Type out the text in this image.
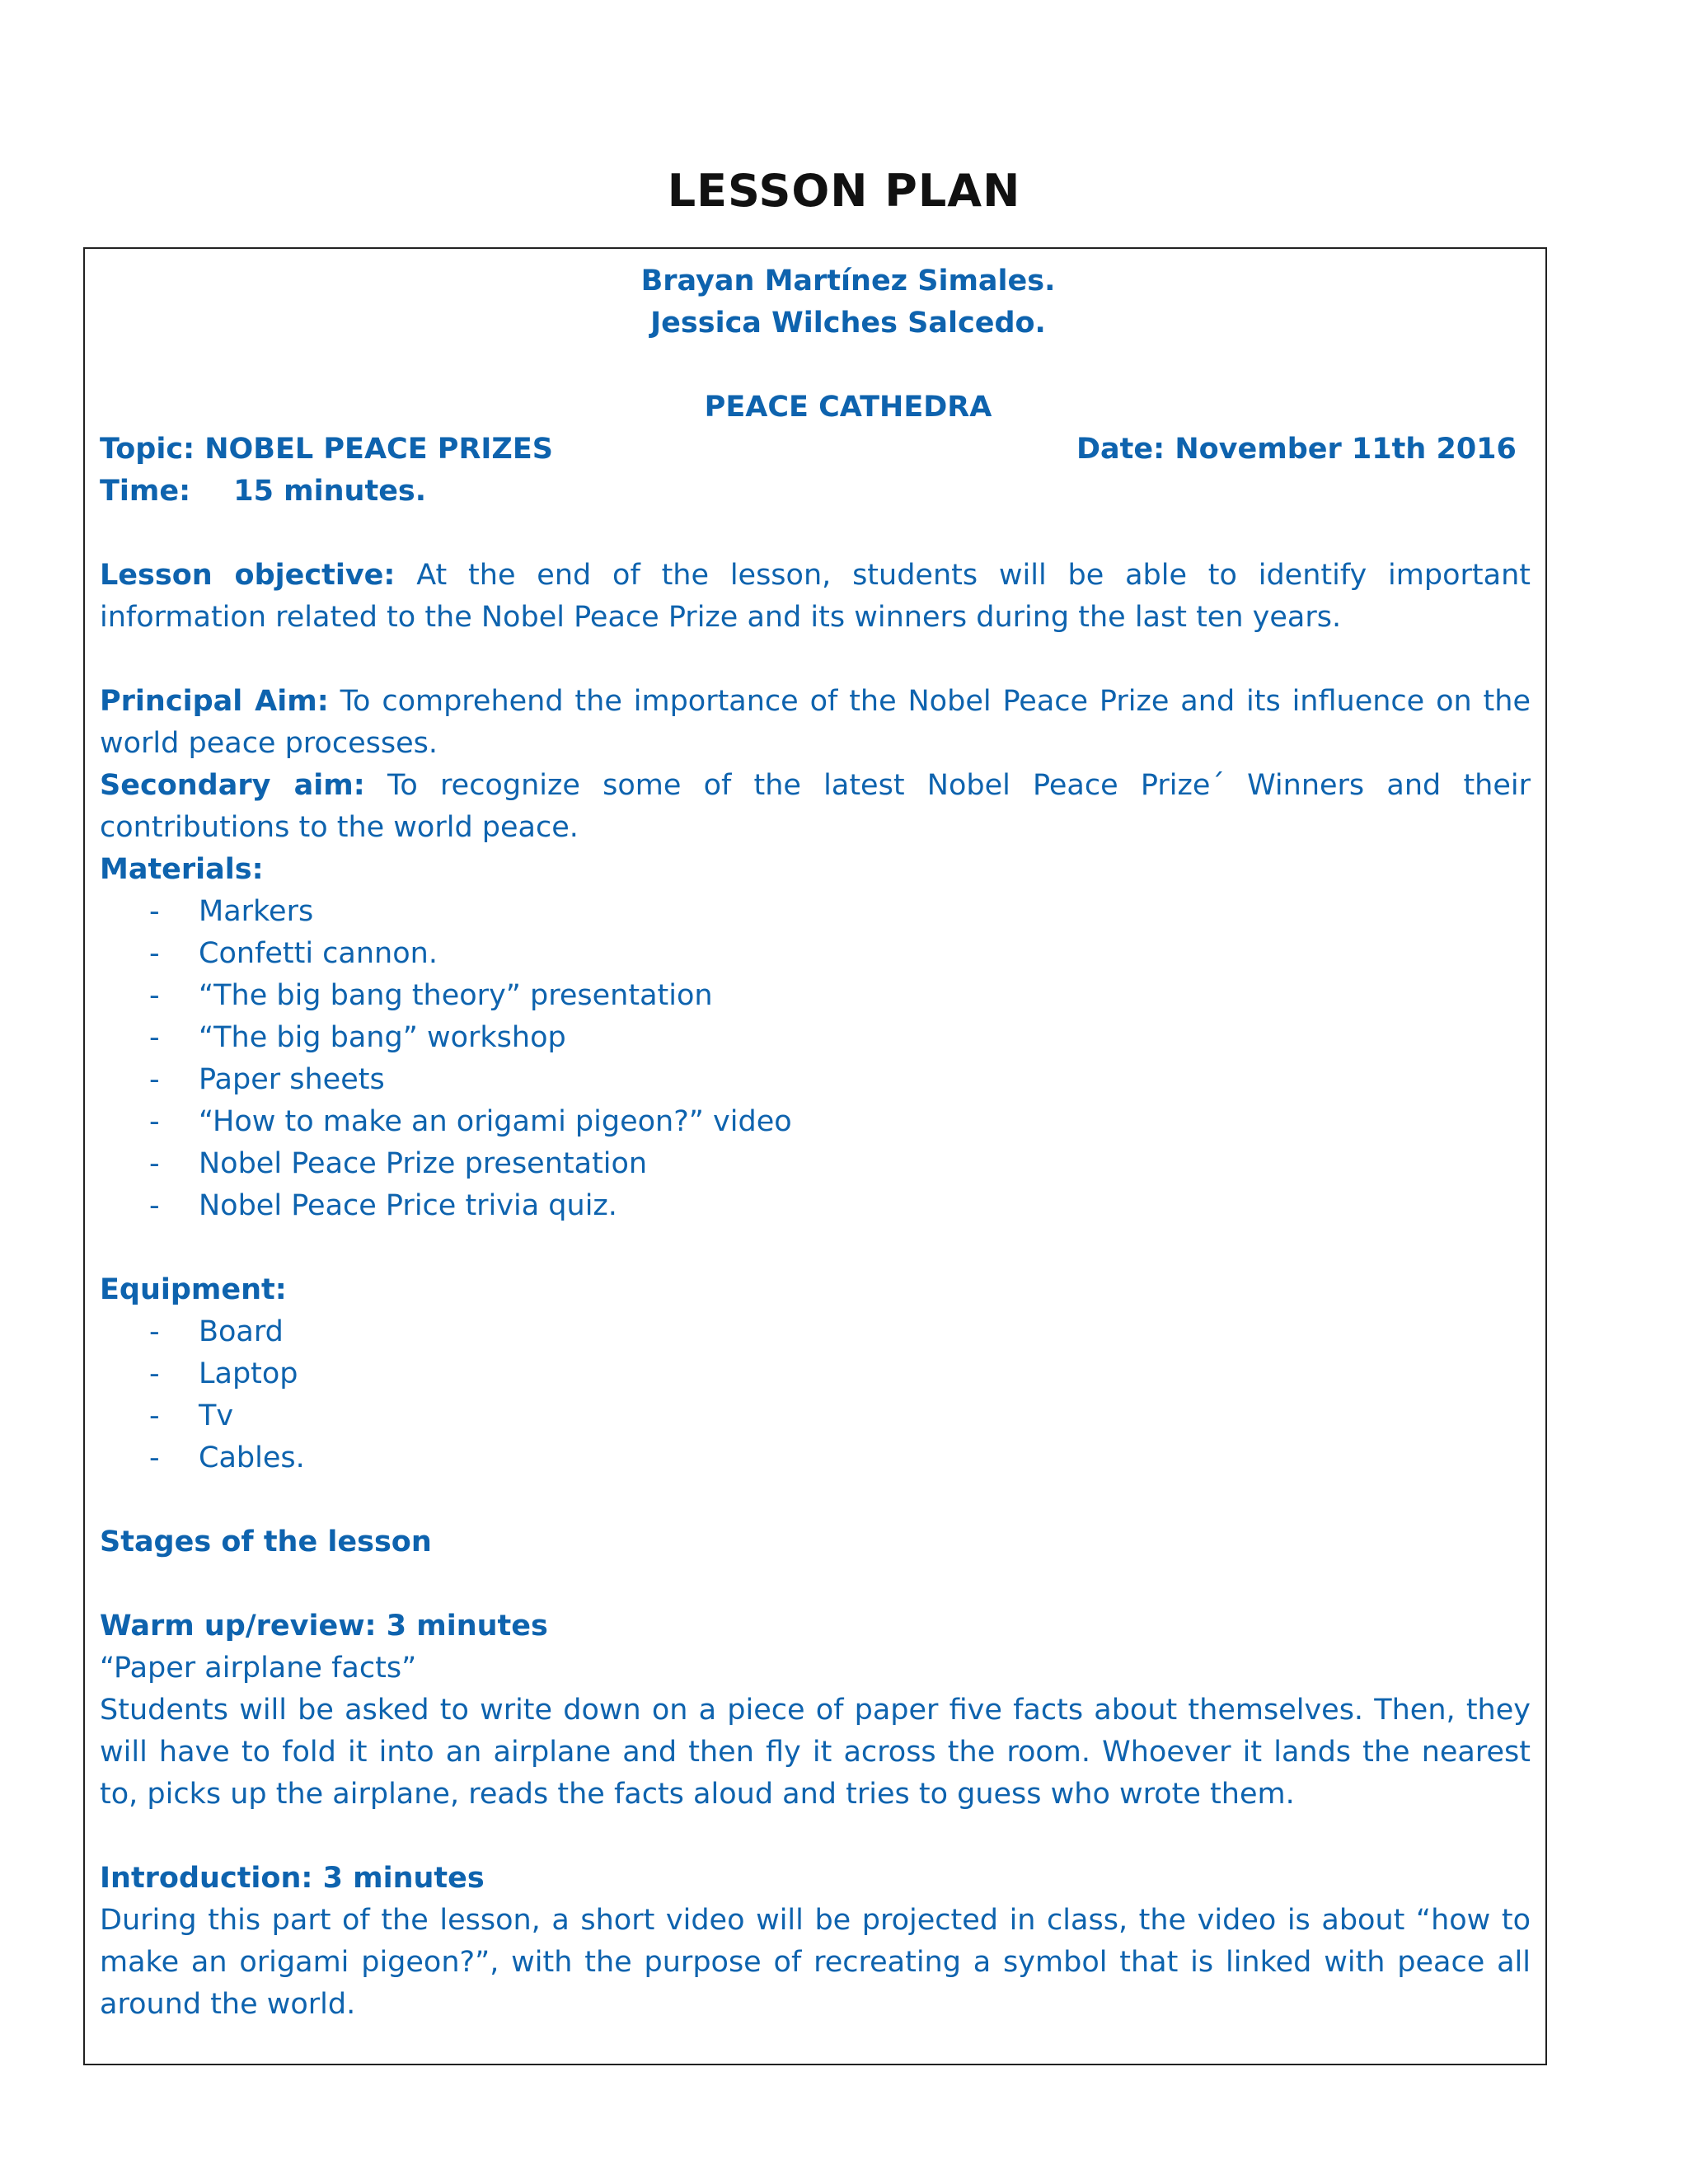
LESSON PLAN
Brayan Martínez Simales.
Jessica Wilches Salcedo.
PEACE CATHEDRA
Topic: NOBEL PEACE PRIZES	Date: November 11th 2016
Time: 15 minutes.
Lesson objective: At the end of the lesson, students will be able to identify important information related to the Nobel Peace Prize and its winners during the last ten years.
Principal Aim: To comprehend the importance of the Nobel Peace Prize and its influence on the world peace processes.
Secondary aim: To recognize some of the latest Nobel Peace Prize´ Winners and their contributions to the world peace.
Materials:
-	Markers
-	Confetti cannon.
-	“The big bang theory” presentation
-	“The big bang” workshop
-	Paper sheets
-	“How to make an origami pigeon?” video
-	Nobel Peace Prize presentation
-	Nobel Peace Price trivia quiz.
Equipment:
-	Board
-	Laptop
-	Tv
-	Cables.
Stages of the lesson
Warm up/review: 3 minutes
“Paper airplane facts”
Students will be asked to write down on a piece of paper five facts about themselves. Then, they will have to fold it into an airplane and then fly it across the room. Whoever it lands the nearest to, picks up the airplane, reads the facts aloud and tries to guess who wrote them.
Introduction: 3 minutes
During this part of the lesson, a short video will be projected in class, the video is about “how to make an origami pigeon?”, with the purpose of recreating a symbol that is linked with peace all around the world.
